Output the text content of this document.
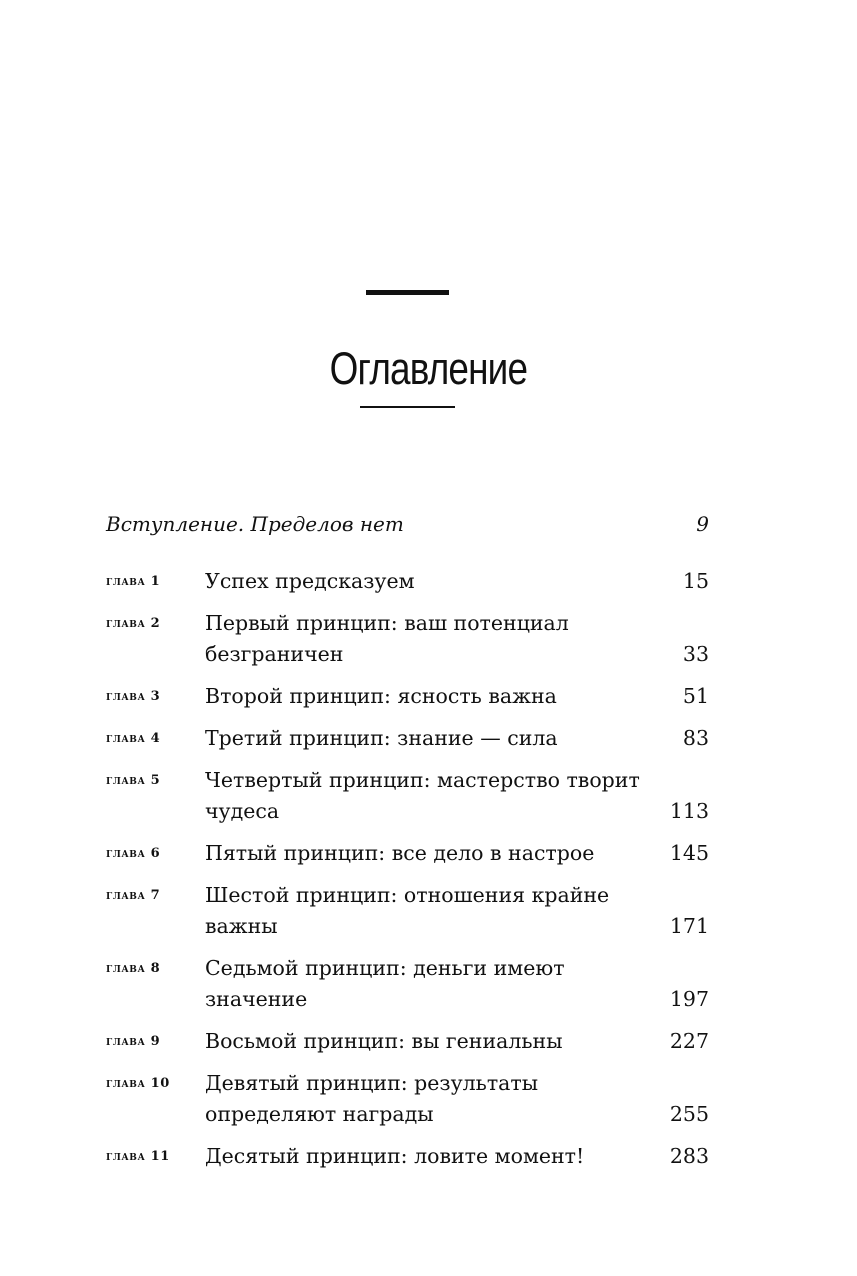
Оглавление
Вступление. Пределов нет	9
глава 1	Успех предсказуем	15
глава 2	Первый принцип: ваш потенциал безграничен	33
глава 3	Второй принцип: ясность важна	51
глава 4	Третий принцип: знание — сила	83
глава 5	Четвертый принцип: мастерство творит чудеса	113
глава 6	Пятый принцип: все дело в настрое	145
глава 7	Шестой принцип: отношения крайне важны	171
глава 8	Седьмой принцип: деньги имеют значение	197
глава 9	Восьмой принцип: вы гениальны	227
глава 10	Девятый принцип: результаты определяют награды	255
глава 11	Десятый принцип: ловите момент!	283
